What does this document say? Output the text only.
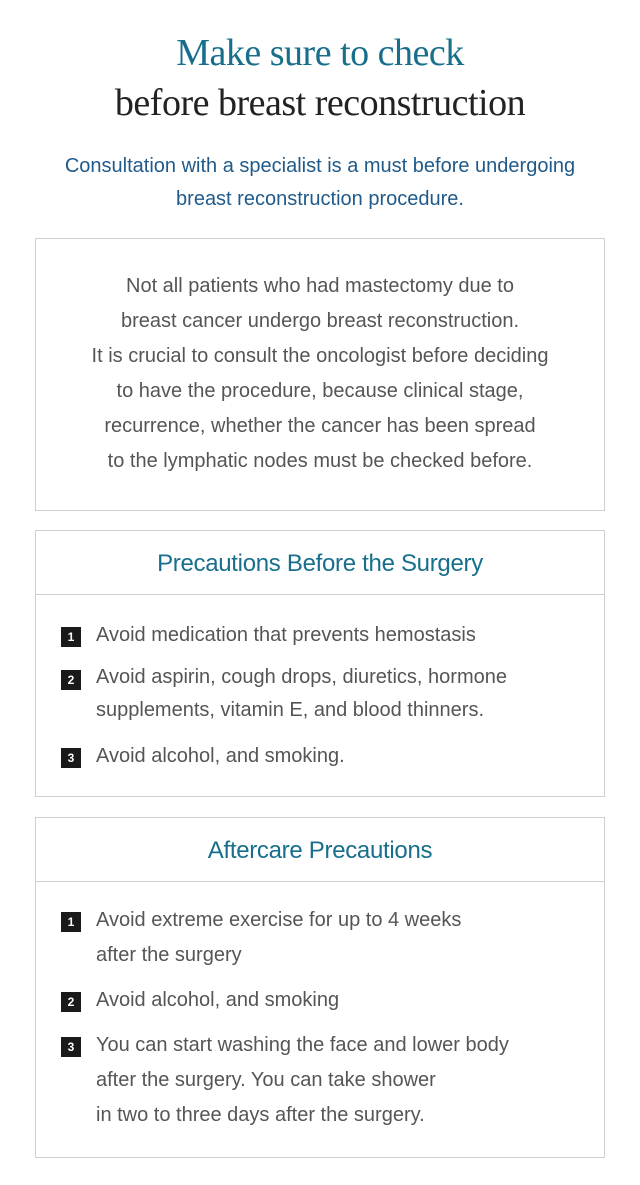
Make sure to check
before breast reconstruction
Consultation with a specialist is a must before undergoing
breast reconstruction procedure.
Not all patients who had mastectomy due to
breast cancer undergo breast reconstruction.
It is crucial to consult the oncologist before deciding
to have the procedure, because clinical stage,
recurrence, whether the cancer has been spread
to the lymphatic nodes must be checked before.
Precautions Before the Surgery
1	Avoid medication that prevents hemostasis
2	Avoid aspirin, cough drops, diuretics, hormone
supplements, vitamin E, and blood thinners.
3	Avoid alcohol, and smoking.
Aftercare Precautions
1	Avoid extreme exercise for up to 4 weeks
after the surgery
2	Avoid alcohol, and smoking
3	You can start washing the face and lower body
after the surgery. You can take shower
in two to three days after the surgery.
